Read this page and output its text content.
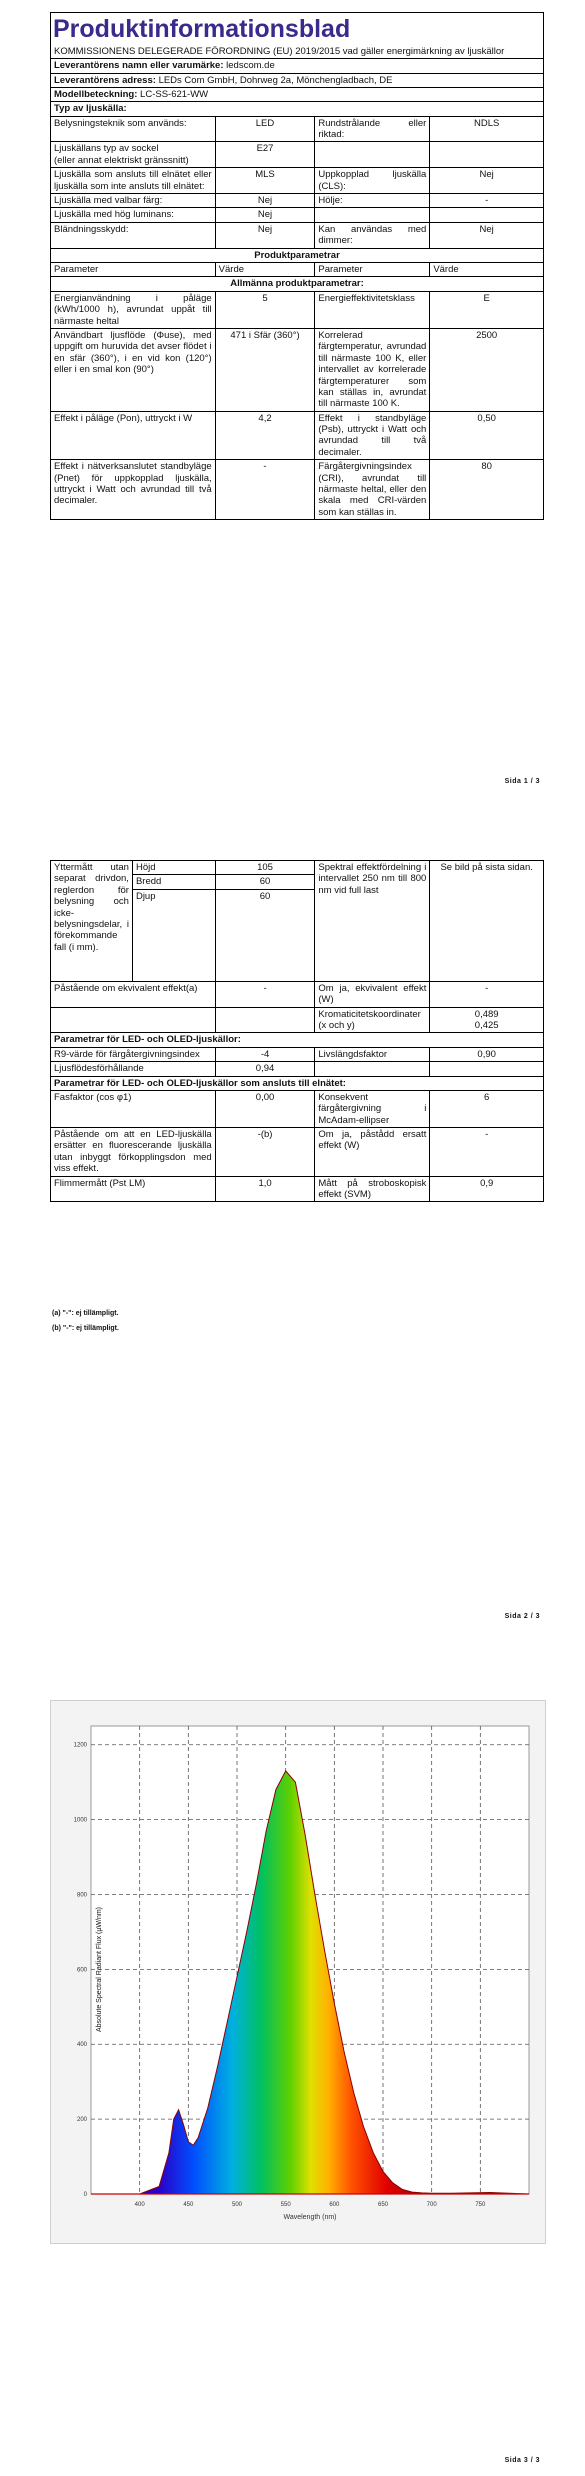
Produktinformationsblad			
KOMMISSIONENS DELEGERADE FÖRORDNING (EU) 2019/2015 vad gäller energimärkning av ljuskällor			
Leverantörens namn eller varumärke: ledscom.de			
Leverantörens adress: LEDs Com GmbH, Dohrweg 2a, Mönchengladbach, DE			
Modellbeteckning: LC-SS-621-WW			
Typ av ljuskälla:			
Belysningsteknik som används:	LED	Rundstrålande eller riktad:	NDLS
Ljuskällans typ av sockel
(eller annat elektriskt gränssnitt)	E27		
Ljuskälla som ansluts till elnätet eller ljuskälla som inte ansluts till elnätet:	MLS	Uppkopplad ljuskälla (CLS):	Nej
Ljuskälla med valbar färg:	Nej	Hölje:	-
Ljuskälla med hög luminans:	Nej		
Bländningsskydd:	Nej	Kan användas med dimmer:	Nej
Produktparametrar			
Parameter	Värde	Parameter	Värde
Allmänna produktparametrar:			
Energianvändning i påläge (kWh/1000 h), avrundat uppåt till närmaste heltal	5	Energieffektivitetsklass	E
Användbart ljusflöde (Φuse), med uppgift om huruvida det avser flödet i en sfär (360°), i en vid kon (120°) eller i en smal kon (90°)	471 i Sfär (360°)	Korrelerad färgtemperatur, avrundad till närmaste 100 K, eller intervallet av korrelerade färgtemperaturer som kan ställas in, avrundat till närmaste 100 K.	2500
Effekt i påläge (Pon), uttryckt i W	4,2	Effekt i standbyläge (Psb), uttryckt i Watt och avrundad till två decimaler.	0,50
Effekt i nätverksanslutet standbyläge (Pnet) för uppkopplad ljuskälla, uttryckt i Watt och avrundad till två decimaler.	-	Färgåtergivningsindex (CRI), avrundat till närmaste heltal, eller den skala med CRI-värden som kan ställas in.	80
Sida 1 / 3
Yttermått utan separat drivdon, reglerdon för belysning och icke-belysningsdelar, i förekommande fall (i mm).	Höjd	105	Spektral effektfördelning i intervallet 250 nm till 800 nm vid full last	Se bild på sista sidan.
	Bredd	60		
	Djup	60		
Påstående om ekvivalent effekt(a)		-	Om ja, ekvivalent effekt (W)	-
			Kromaticitetskoordinater (x och y)	0,489
0,425
Parametrar för LED- och OLED-ljuskällor:				
R9-värde för färgåtergivningsindex		-4	Livslängdsfaktor	0,90
Ljusflödesförhållande		0,94		
Parametrar för LED- och OLED-ljuskällor som ansluts till elnätet:				
Fasfaktor (cos φ1)		0,00	Konsekvent färgåtergivning i McAdam-ellipser	6
Påstående om att en LED-ljuskälla ersätter en fluorescerande ljuskälla utan inbyggt förkopplingsdon med viss effekt.		-(b)	Om ja, påstådd ersatt effekt (W)	-
Flimmermått (Pst LM)		1,0	Mått på stroboskopisk effekt (SVM)	0,9
(a) "-": ej tillämpligt.
(b) "-": ej tillämpligt.
Sida 2 / 3
0
200
400
600
800
1000
1200
400	450	500	550	600	650	700	750
Wavelength (nm)
Absolute Spectral Radiant Flux (µW/nm)
Sida 3 / 3
